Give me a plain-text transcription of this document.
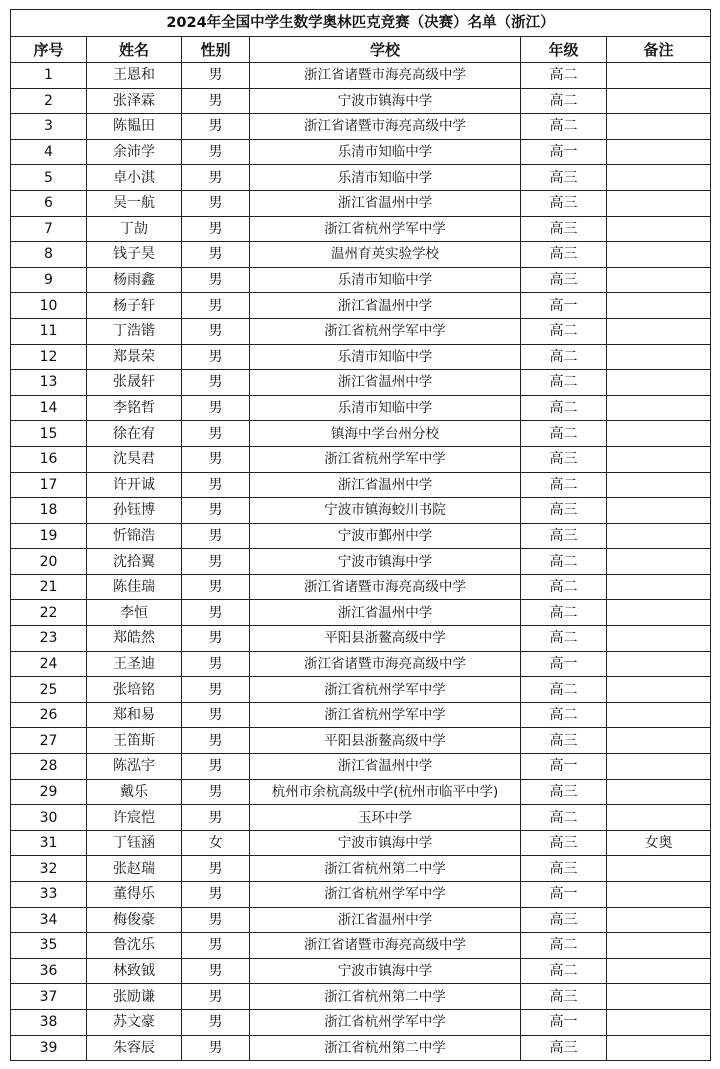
2024年全国中学生数学奥林匹克竞赛（决赛）名单（浙江）					
序号	姓名	性别	学校	年级	备注
1	王恩和	男	浙江省诸暨市海亮高级中学	高二	
2	张泽霖	男	宁波市镇海中学	高二	
3	陈韫田	男	浙江省诸暨市海亮高级中学	高二	
4	余沛学	男	乐清市知临中学	高一	
5	卓小淇	男	乐清市知临中学	高三	
6	吴一航	男	浙江省温州中学	高三	
7	丁劼	男	浙江省杭州学军中学	高三	
8	钱子昊	男	温州育英实验学校	高三	
9	杨雨鑫	男	乐清市知临中学	高三	
10	杨子轩	男	浙江省温州中学	高一	
11	丁浩锴	男	浙江省杭州学军中学	高二	
12	郑景荣	男	乐清市知临中学	高二	
13	张晟轩	男	浙江省温州中学	高二	
14	李铭哲	男	乐清市知临中学	高二	
15	徐在宥	男	镇海中学台州分校	高二	
16	沈昊君	男	浙江省杭州学军中学	高三	
17	许开诚	男	浙江省温州中学	高二	
18	孙钰博	男	宁波市镇海蛟川书院	高三	
19	忻锦浩	男	宁波市鄞州中学	高三	
20	沈拾翼	男	宁波市镇海中学	高二	
21	陈佳瑞	男	浙江省诸暨市海亮高级中学	高二	
22	李恒	男	浙江省温州中学	高二	
23	郑皓然	男	平阳县浙鳌高级中学	高二	
24	王圣迪	男	浙江省诸暨市海亮高级中学	高一	
25	张培铭	男	浙江省杭州学军中学	高二	
26	郑和易	男	浙江省杭州学军中学	高二	
27	王笛斯	男	平阳县浙鳌高级中学	高三	
28	陈泓宇	男	浙江省温州中学	高一	
29	戴乐	男	杭州市余杭高级中学(杭州市临平中学)	高三	
30	许宸恺	男	玉环中学	高二	
31	丁钰涵	女	宁波市镇海中学	高三	女奥
32	张赵瑞	男	浙江省杭州第二中学	高三	
33	董得乐	男	浙江省杭州学军中学	高一	
34	梅俊豪	男	浙江省温州中学	高三	
35	鲁沈乐	男	浙江省诸暨市海亮高级中学	高二	
36	林致钺	男	宁波市镇海中学	高二	
37	张励谦	男	浙江省杭州第二中学	高三	
38	苏文豪	男	浙江省杭州学军中学	高一	
39	朱容辰	男	浙江省杭州第二中学	高三	
